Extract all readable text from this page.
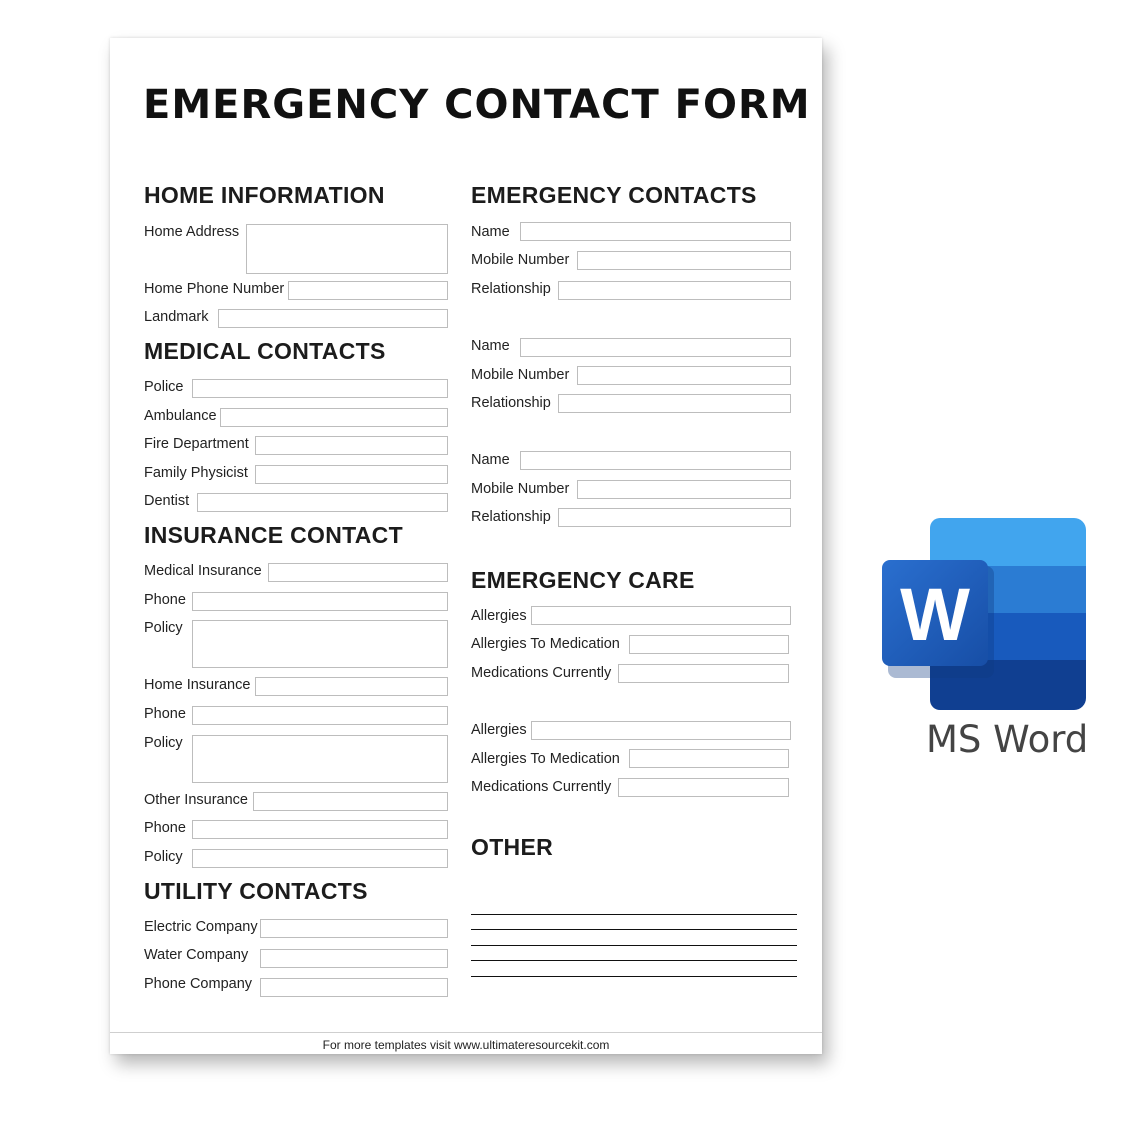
EMERGENCY CONTACT FORM
HOME INFORMATION
Home Address
Home Phone Number
Landmark
MEDICAL CONTACTS
Police
Ambulance
Fire Department
Family Physicist
Dentist
INSURANCE CONTACT
Medical Insurance
Phone
Policy
Home Insurance
Phone
Policy
Other Insurance
Phone
Policy
UTILITY CONTACTS
Electric Company
Water Company
Phone Company
EMERGENCY CONTACTS
Name
Mobile Number
Relationship
Name
Mobile Number
Relationship
Name
Mobile Number
Relationship
EMERGENCY CARE
Allergies
Allergies To Medication
Medications Currently
Allergies
Allergies To Medication
Medications Currently
OTHER
For more templates visit www.ultimateresourcekit.com
W
MS Word
